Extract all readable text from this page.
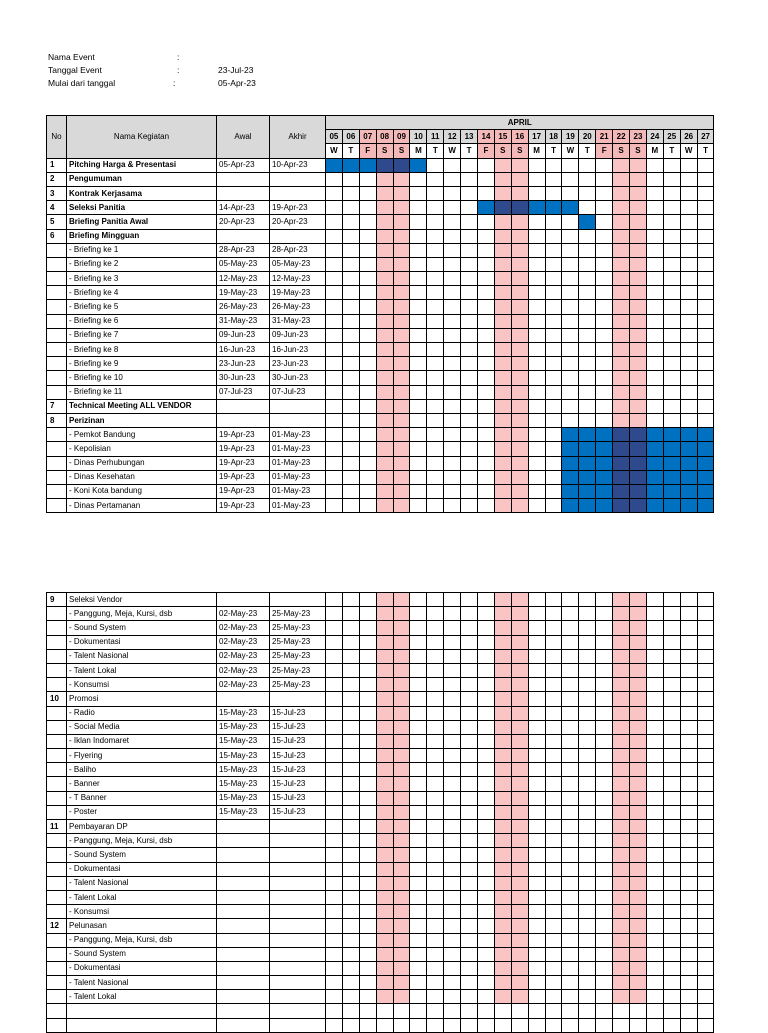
Nama Event	:
Tanggal Event	:	23-Jul-23
Mulai dari tanggal	:	05-Apr-23
No	Nama Kegiatan	Awal	Akhir	APRIL																						
				05	06	07	08	09	10	11	12	13	14	15	16	17	18	19	20	21	22	23	24	25	26	27
				W	T	F	S	S	M	T	W	T	F	S	S	M	T	W	T	F	S	S	M	T	W	T
1	Pitching Harga & Presentasi	05-Apr-23	10-Apr-23																							
2	Pengumuman																									
3	Kontrak Kerjasama																									
4	Seleksi Panitia	14-Apr-23	19-Apr-23																							
5	Briefing Panitia Awal	20-Apr-23	20-Apr-23																							
6	Briefing Mingguan																									
	- Briefing ke 1	28-Apr-23	28-Apr-23																							
	- Briefing ke 2	05-May-23	05-May-23																							
	- Briefing ke 3	12-May-23	12-May-23																							
	- Briefing ke 4	19-May-23	19-May-23																							
	- Briefing ke 5	26-May-23	26-May-23																							
	- Briefing ke 6	31-May-23	31-May-23																							
	- Briefing ke 7	09-Jun-23	09-Jun-23																							
	- Briefing ke 8	16-Jun-23	16-Jun-23																							
	- Briefing ke 9	23-Jun-23	23-Jun-23																							
	- Briefing ke 10	30-Jun-23	30-Jun-23																							
	- Briefing ke 11	07-Jul-23	07-Jul-23																							
7	Technical Meeting ALL VENDOR																									
8	Perizinan																									
	- Pemkot Bandung	19-Apr-23	01-May-23																							
	- Kepolisian	19-Apr-23	01-May-23																							
	- Dinas Perhubungan	19-Apr-23	01-May-23																							
	- Dinas Kesehatan	19-Apr-23	01-May-23																							
	- Koni Kota bandung	19-Apr-23	01-May-23																							
	- Dinas Pertamanan	19-Apr-23	01-May-23																							
9	Seleksi Vendor																									
	- Panggung, Meja, Kursi, dsb	02-May-23	25-May-23																							
	- Sound System	02-May-23	25-May-23																							
	- Dokumentasi	02-May-23	25-May-23																							
	- Talent Nasional	02-May-23	25-May-23																							
	- Talent Lokal	02-May-23	25-May-23																							
	- Konsumsi	02-May-23	25-May-23																							
10	Promosi																									
	- Radio	15-May-23	15-Jul-23																							
	- Social Media	15-May-23	15-Jul-23																							
	- Iklan Indomaret	15-May-23	15-Jul-23																							
	- Flyering	15-May-23	15-Jul-23																							
	- Baliho	15-May-23	15-Jul-23																							
	- Banner	15-May-23	15-Jul-23																							
	- T Banner	15-May-23	15-Jul-23																							
	- Poster	15-May-23	15-Jul-23																							
11	Pembayaran DP																									
	- Panggung, Meja, Kursi, dsb																									
	- Sound System																									
	- Dokumentasi																									
	- Talent Nasional																									
	- Talent Lokal																									
	- Konsumsi																									
12	Pelunasan																									
	- Panggung, Meja, Kursi, dsb																									
	- Sound System																									
	- Dokumentasi																									
	- Talent Nasional																									
	- Talent Lokal																									
